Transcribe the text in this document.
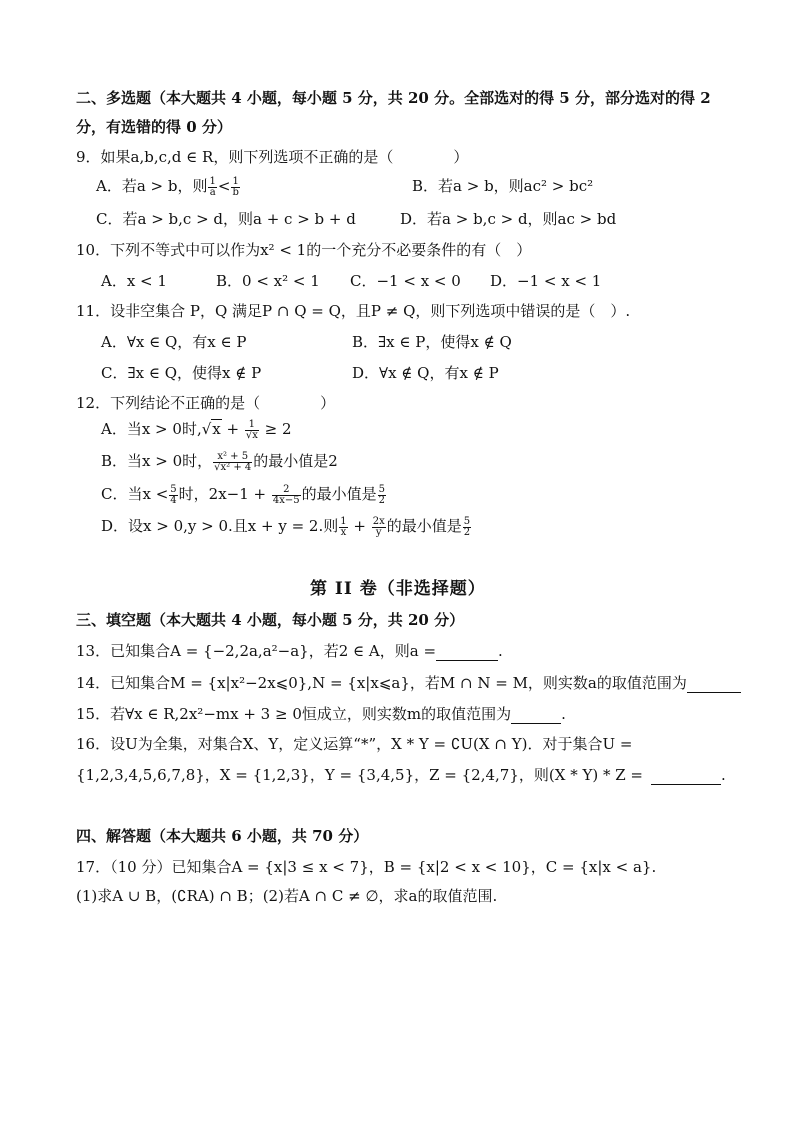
二、多选题（本大题共 4 小题，每小题 5 分，共 20 分。全部选对的得 5 分，部分选对的得 2
分，有选错的得 0 分）
9．如果a,b,c,d ∈ R，则下列选项不正确的是（　　　　）
A．若a > b，则 $\frac{1}{a} < \frac{1}{b}$	B．若a > b，则ac² > bc²
C．若a > b,c > d，则a + c > b + d	D．若a > b,c > d，则ac > bd
10．下列不等式中可以作为x² < 1的一个充分不必要条件的有（　）
A．x < 1	B．0 < x² < 1 C．−1 < x < 0 D．−1 < x < 1
11．设非空集合 P，Q 满足P ∩ Q = Q，且P ≠ Q，则下列选项中错误的是（　）.
A．∀x ∈ Q，有x ∈ P	B．∃x ∈ P，使得x ∉ Q
C．∃x ∈ Q，使得x ∉ P	D．∀x ∉ Q，有x ∉ P
12．下列结论不正确的是（　　　　）
A．当x > 0时$,√x + \frac{1}{√x} \ge 2$
B．当x > 0时， $\frac{\text{x² + 5}}{\text{√x² + 4}}$ 的最小值是2
C．当$x < \frac{5}{4}$ 时，$2x-1 + \frac{2}{4x-5}$ 的最小值是 $\frac{5}{2}$
D．设x > 0,y > 0.且x + y = 2.则 $\frac{1}{x} + \frac{2x}{y}$ 的最小值是 $\frac{5}{2}$
第 II 卷（非选择题）
三、填空题（本大题共 4 小题，每小题 5 分，共 20 分）
13．已知集合A = {−2,2a,a²−a}，若2 ∈ A，则a =	.
14．已知集合M = {x|x²−2x⩽0},N = {x|x⩽a}，若M ∩ N = M，则实数a的取值范围为
15．若∀x ∈ R,2x²−mx + 3 ≥ 0恒成立，则实数m的取值范围为	.
16．设U为全集，对集合X、Y，定义运算“*”，X * Y = ∁U(X ∩ Y)．对于集合U =
{1,2,3,4,5,6,7,8}，X = {1,2,3}，Y = {3,4,5}，Z = {2,4,7}，则(X * Y) * Z =	.
四、解答题（本大题共 6 小题，共 70 分）
17．（10 分）已知集合A = {x|3 ≤ x < 7}，B = {x|2 < x < 10}，C = {x|x < a}.
(1)求A ∪ B，(∁RA) ∩ B；(2)若A ∩ C ≠ ∅，求a的取值范围.
